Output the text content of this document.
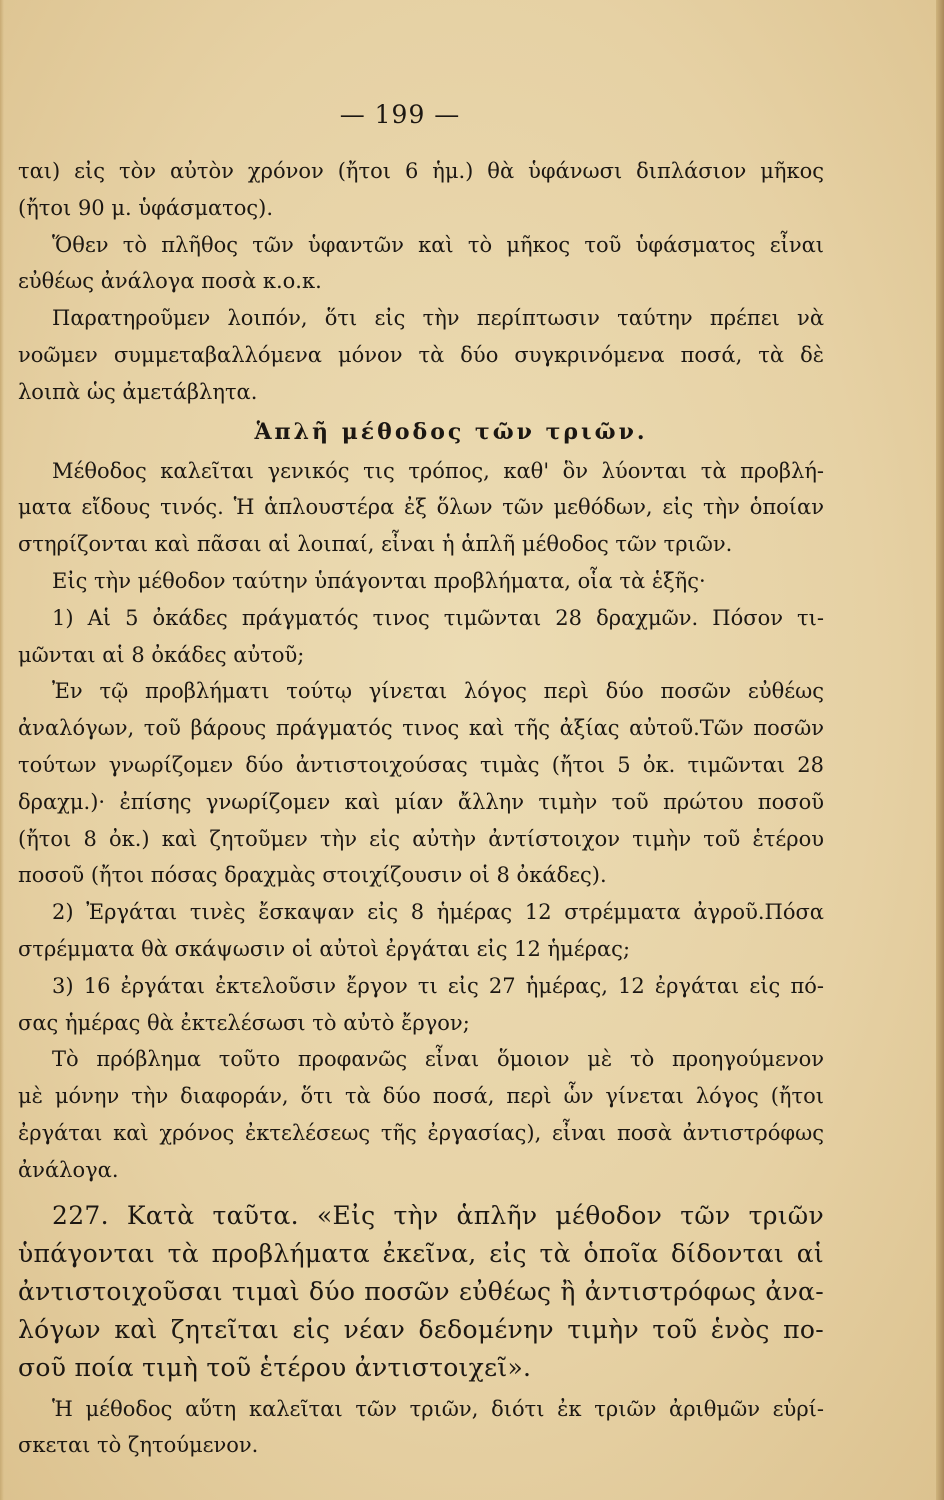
— 199 —
ται) εἰς τὸν αὐτὸν χρόνον (ἤτοι 6 ἡμ.) θὰ ὑφάνωσι διπλάσιον μῆκος
(ἤτοι 90 μ. ὑφάσματος).
Ὅθεν τὸ πλῆθος τῶν ὑφαντῶν καὶ τὸ μῆκος τοῦ ὑφάσματος εἶναι
εὐθέως ἀνάλογα ποσὰ κ.ο.κ.
Παρατηροῦμεν λοιπόν, ὅτι εἰς τὴν περίπτωσιν ταύτην πρέπει νὰ
νοῶμεν συμμεταβαλλόμενα μόνον τὰ δύο συγκρινόμενα ποσά, τὰ δὲ
λοιπὰ ὡς ἀμετάβλητα.
Ἁπλῆ μέθοδος τῶν τριῶν.
Μέθοδος καλεῖται γενικός τις τρόπος, καθ' ὃν λύονται τὰ προβλή-
ματα εἴδους τινός. Ἡ ἁπλουστέρα ἐξ ὅλων τῶν μεθόδων, εἰς τὴν ὁποίαν
στηρίζονται καὶ πᾶσαι αἱ λοιπαί, εἶναι ἡ ἁπλῆ μέθοδος τῶν τριῶν.
Εἰς τὴν μέθοδον ταύτην ὑπάγονται προβλήματα, οἷα τὰ ἑξῆς·
1) Αἱ 5 ὀκάδες πράγματός τινος τιμῶνται 28 δραχμῶν. Πόσον τι-
μῶνται αἱ 8 ὀκάδες αὐτοῦ;
Ἐν τῷ προβλήματι τούτῳ γίνεται λόγος περὶ δύο ποσῶν εὐθέως
ἀναλόγων, τοῦ βάρους πράγματός τινος καὶ τῆς ἀξίας αὐτοῦ.Τῶν ποσῶν
τούτων γνωρίζομεν δύο ἀντιστοιχούσας τιμὰς (ἤτοι 5 ὀκ. τιμῶνται 28
δραχμ.)· ἐπίσης γνωρίζομεν καὶ μίαν ἄλλην τιμὴν τοῦ πρώτου ποσοῦ
(ἤτοι 8 ὀκ.) καὶ ζητοῦμεν τὴν εἰς αὐτὴν ἀντίστοιχον τιμὴν τοῦ ἑτέρου
ποσοῦ (ἤτοι πόσας δραχμὰς στοιχίζουσιν οἱ 8 ὀκάδες).
2) Ἐργάται τινὲς ἔσκαψαν εἰς 8 ἡμέρας 12 στρέμματα ἀγροῦ.Πόσα
στρέμματα θὰ σκάψωσιν οἱ αὐτοὶ ἐργάται εἰς 12 ἡμέρας;
3) 16 ἐργάται ἐκτελοῦσιν ἔργον τι εἰς 27 ἡμέρας, 12 ἐργάται εἰς πό-
σας ἡμέρας θὰ ἐκτελέσωσι τὸ αὐτὸ ἔργον;
Τὸ πρόβλημα τοῦτο προφανῶς εἶναι ὅμοιον μὲ τὸ προηγούμενον
μὲ μόνην τὴν διαφοράν, ὅτι τὰ δύο ποσά, περὶ ὧν γίνεται λόγος (ἤτοι
ἐργάται καὶ χρόνος ἐκτελέσεως τῆς ἐργασίας), εἶναι ποσὰ ἀντιστρόφως
ἀνάλογα.
227. Κατὰ ταῦτα. «Εἰς τὴν ἁπλῆν μέθοδον τῶν τριῶν
ὑπάγονται τὰ προβλήματα ἐκεῖνα, εἰς τὰ ὁποῖα δίδονται αἱ
ἀντιστοιχοῦσαι τιμαὶ δύο ποσῶν εὐθέως ἢ ἀντιστρόφως ἀνα-
λόγων καὶ ζητεῖται εἰς νέαν δεδομένην τιμὴν τοῦ ἑνὸς πο-
σοῦ ποία τιμὴ τοῦ ἑτέρου ἀντιστοιχεῖ».
Ἡ μέθοδος αὕτη καλεῖται τῶν τριῶν, διότι ἐκ τριῶν ἀριθμῶν εὑρί-
σκεται τὸ ζητούμενον.
